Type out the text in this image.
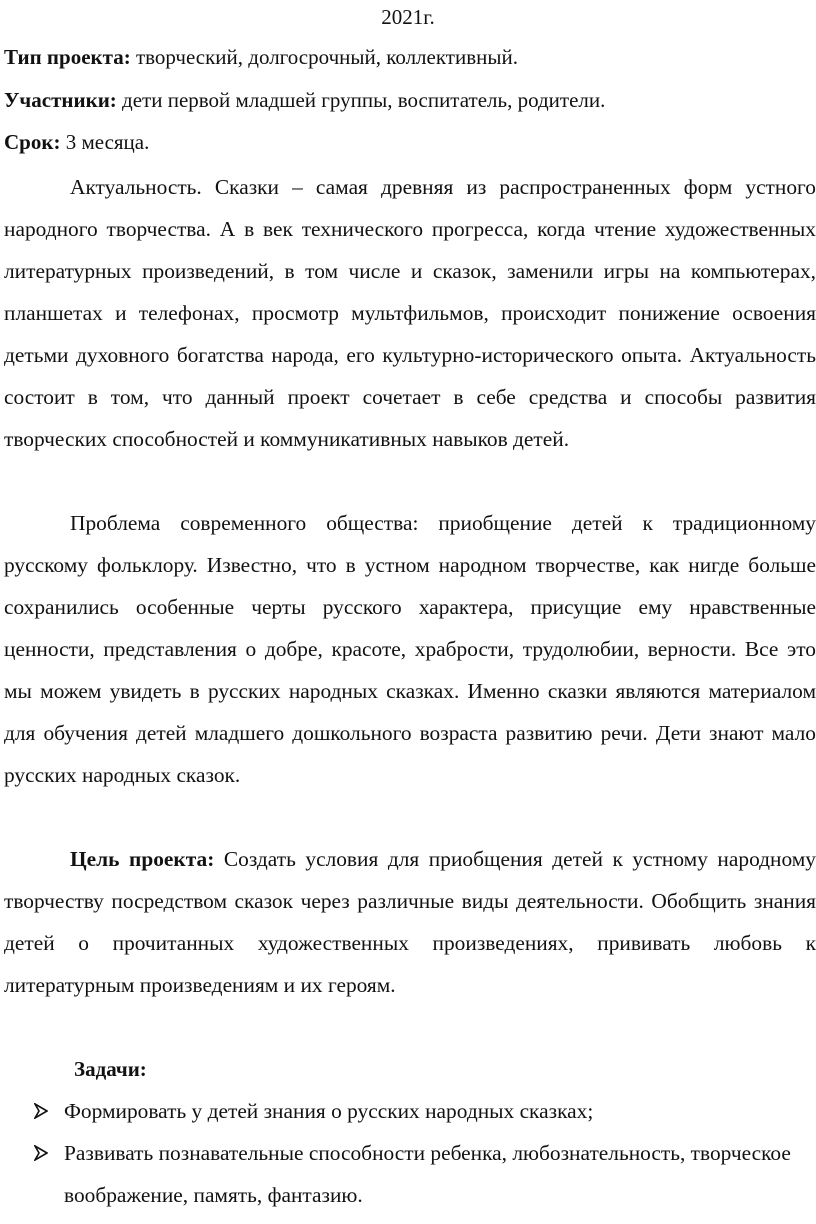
2021г.
Тип проекта: творческий, долгосрочный, коллективный.
Участники: дети первой младшей группы, воспитатель, родители.
Срок: 3 месяца.

Актуальность. Сказки – самая древняя из распространенных форм устного народного творчества. А в век технического прогресса, когда чтение художественных литературных произведений, в том числе и сказок, заменили игры на компьютерах, планшетах и телефонах, просмотр мультфильмов, происходит понижение освоения детьми духовного богатства народа, его культурно-исторического опыта. Актуальность состоит в том, что данный проект сочетает в себе средства и способы развития творческих способностей и коммуникативных навыков детей.

Проблема современного общества: приобщение детей к традиционному русскому фольклору. Известно, что в устном народном творчестве, как нигде больше сохранились особенные черты русского характера, присущие ему нравственные ценности, представления о добре, красоте, храбрости, трудолюбии, верности. Все это мы можем увидеть в русских народных сказках. Именно сказки являются материалом для обучения детей младшего дошкольного возраста развитию речи. Дети знают мало русских народных сказок.

Цель проекта: Создать условия для приобщения детей к устному народному творчеству посредством сказок через различные виды деятельности. Обобщить знания детей о прочитанных художественных произведениях, прививать любовь к литературным произведениям и их героям.

Задачи:
Формировать у детей знания о русских народных сказках;
Развивать познавательные способности ребенка, любознательность, творческое воображение, память, фантазию.
